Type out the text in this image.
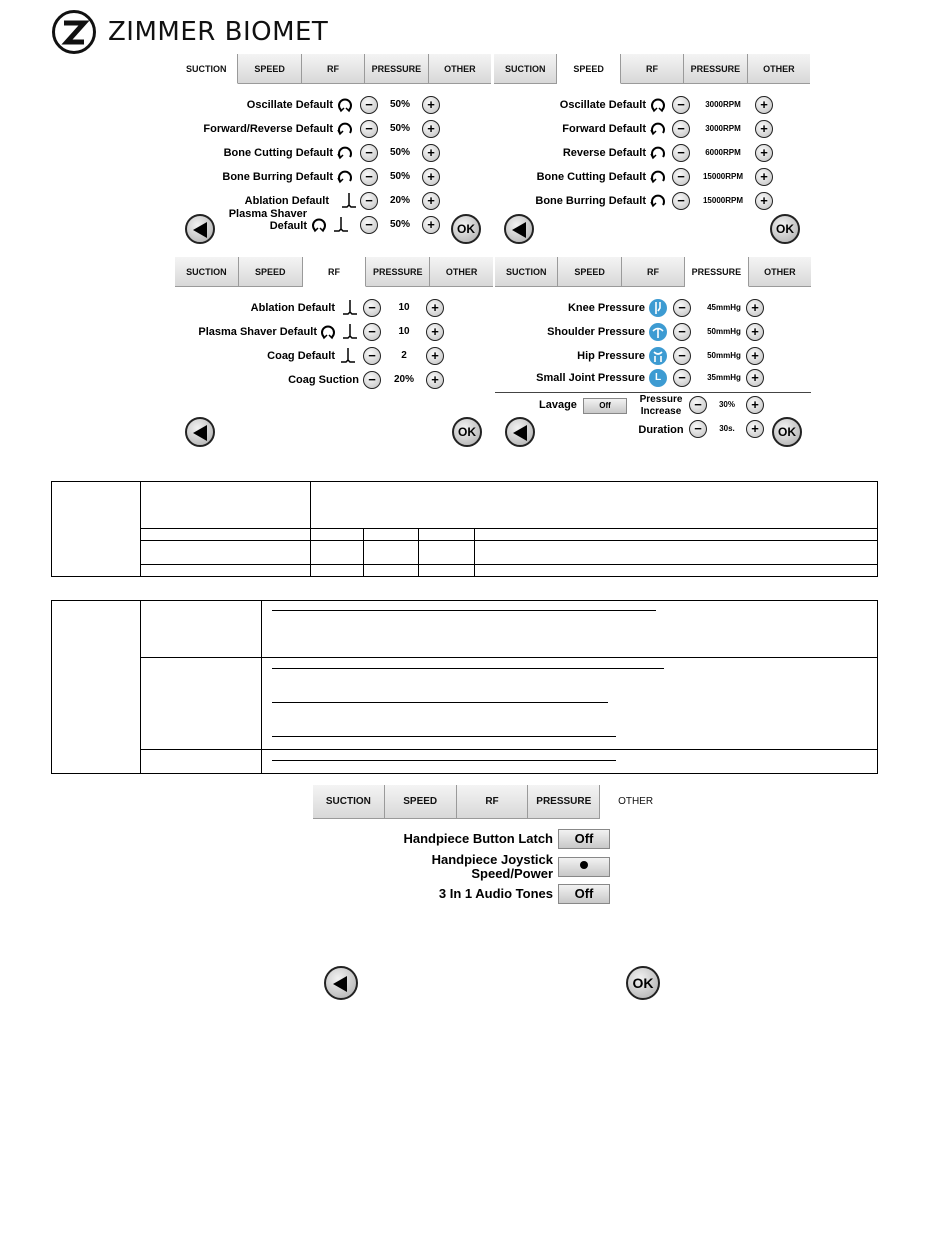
ZIMMER BIOMET
SUCTION	SPEED	RF	PRESSURE	OTHER
Oscillate Default	−	50%	+
Forward/Reverse Default	−	50%	+
Bone Cutting Default	−	50%	+
Bone Burring Default	−	50%	+
Ablation Default	−	20%	+
Plasma Shaver
Default	−	50%	+	OK
SUCTION	SPEED	RF	PRESSURE	OTHER
Oscillate Default	−	3000RPM	+
Forward Default	−	3000RPM	+
Reverse Default	−	6000RPM	+
Bone Cutting Default	−	15000RPM	+
Bone Burring Default	−	15000RPM	+
OK
SUCTION	SPEED	RF	PRESSURE	OTHER
Ablation Default	−	10	+
Plasma Shaver Default	−	10	+
Coag Default	−	2	+
Coag Suction −	20%	+
OK
SUCTION	SPEED	RF	PRESSURE	OTHER
Knee Pressure	−	45mmHg +
Shoulder Pressure	−	50mmHg +
Hip Pressure	−	50mmHg +
Small Joint Pressure L	−	35mmHg +
Lavage	Off
Pressure
Increase −	30%	+
Duration −	30s.	+	OK

SUCTION	SPEED	RF	PRESSURE	OTHER
Handpiece Button Latch	Off
Handpiece Joystick
Speed/Power
3 In 1 Audio Tones	Off
OK
